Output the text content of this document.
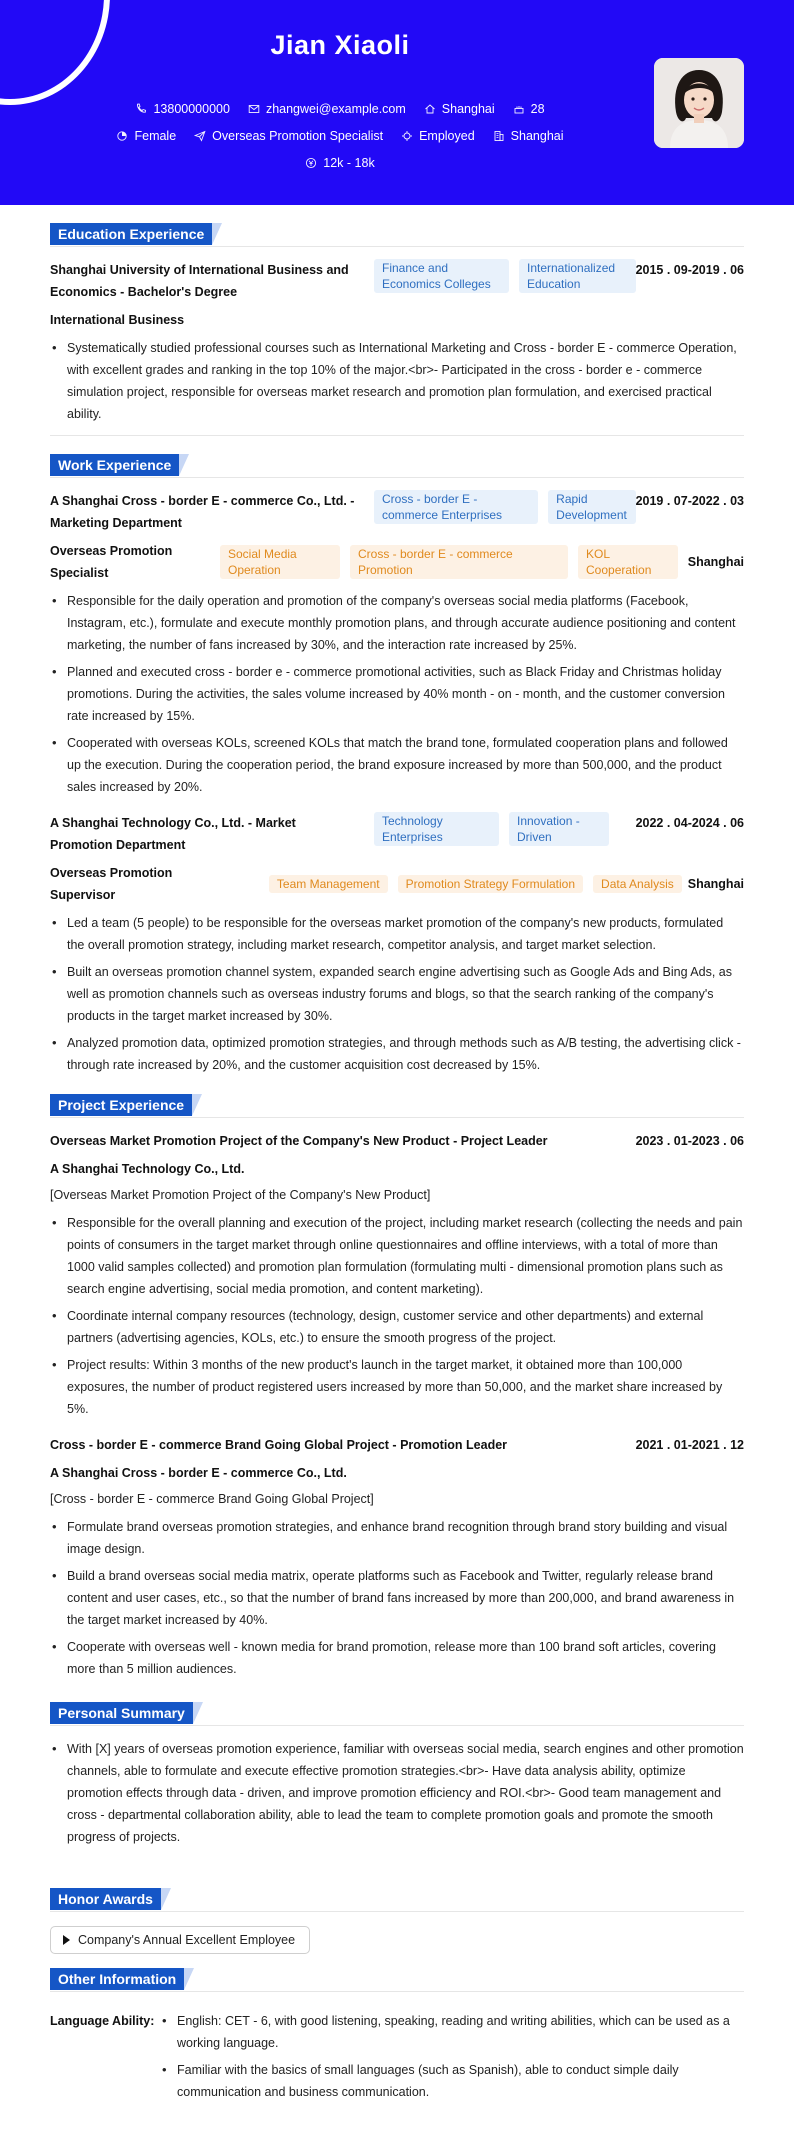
Jian Xiaoli
13800000000	zhangwei@example.com	Shanghai	28
Female	Overseas Promotion Specialist	Employed	Shanghai
12k - 18k
Education Experience
Shanghai University of International Business and Economics - Bachelor's Degree
Finance and Economics Colleges
Internationalized Education
2015 . 09-2019 . 06
International Business
• Systematically studied professional courses such as International Marketing and Cross - border E - commerce Operation, with excellent grades and ranking in the top 10% of the major.<br>- Participated in the cross - border e - commerce simulation project, responsible for overseas market research and promotion plan formulation, and exercised practical ability.
Work Experience
A Shanghai Cross - border E - commerce Co., Ltd. - Marketing Department
Cross - border E - commerce Enterprises
Rapid Development
2019 . 07-2022 . 03
Overseas Promotion Specialist
Social Media Operation
Cross - border E - commerce Promotion
KOL Cooperation
Shanghai
• Responsible for the daily operation and promotion of the company's overseas social media platforms (Facebook, Instagram, etc.), formulate and execute monthly promotion plans, and through accurate audience positioning and content marketing, the number of fans increased by 30%, and the interaction rate increased by 25%.
• Planned and executed cross - border e - commerce promotional activities, such as Black Friday and Christmas holiday promotions. During the activities, the sales volume increased by 40% month - on - month, and the customer conversion rate increased by 15%.
• Cooperated with overseas KOLs, screened KOLs that match the brand tone, formulated cooperation plans and followed up the execution. During the cooperation period, the brand exposure increased by more than 500,000, and the product sales increased by 20%.
A Shanghai Technology Co., Ltd. - Market Promotion Department
Technology Enterprises
Innovation - Driven
2022 . 04-2024 . 06
Overseas Promotion Supervisor
Team Management	Promotion Strategy Formulation	Data Analysis	Shanghai
• Led a team (5 people) to be responsible for the overseas market promotion of the company's new products, formulated the overall promotion strategy, including market research, competitor analysis, and target market selection.
• Built an overseas promotion channel system, expanded search engine advertising such as Google Ads and Bing Ads, as well as promotion channels such as overseas industry forums and blogs, so that the search ranking of the company's products in the target market increased by 30%.
• Analyzed promotion data, optimized promotion strategies, and through methods such as A/B testing, the advertising click - through rate increased by 20%, and the customer acquisition cost decreased by 15%.
Project Experience
Overseas Market Promotion Project of the Company's New Product - Project Leader	2023 . 01-2023 . 06
A Shanghai Technology Co., Ltd.
[Overseas Market Promotion Project of the Company's New Product]
• Responsible for the overall planning and execution of the project, including market research (collecting the needs and pain points of consumers in the target market through online questionnaires and offline interviews, with a total of more than 1000 valid samples collected) and promotion plan formulation (formulating multi - dimensional promotion plans such as search engine advertising, social media promotion, and content marketing).
• Coordinate internal company resources (technology, design, customer service and other departments) and external partners (advertising agencies, KOLs, etc.) to ensure the smooth progress of the project.
• Project results: Within 3 months of the new product's launch in the target market, it obtained more than 100,000 exposures, the number of product registered users increased by more than 50,000, and the market share increased by 5%.
Cross - border E - commerce Brand Going Global Project - Promotion Leader	2021 . 01-2021 . 12
A Shanghai Cross - border E - commerce Co., Ltd.
[Cross - border E - commerce Brand Going Global Project]
• Formulate brand overseas promotion strategies, and enhance brand recognition through brand story building and visual image design.
• Build a brand overseas social media matrix, operate platforms such as Facebook and Twitter, regularly release brand content and user cases, etc., so that the number of brand fans increased by more than 200,000, and brand awareness in the target market increased by 40%.
• Cooperate with overseas well - known media for brand promotion, release more than 100 brand soft articles, covering more than 5 million audiences.
Personal Summary
• With [X] years of overseas promotion experience, familiar with overseas social media, search engines and other promotion channels, able to formulate and execute effective promotion strategies.<br>- Have data analysis ability, optimize promotion effects through data - driven, and improve promotion efficiency and ROI.<br>- Good team management and cross - departmental collaboration ability, able to lead the team to complete promotion goals and promote the smooth progress of projects.
Honor Awards
Company's Annual Excellent Employee
Other Information
Language Ability:
•	English: CET - 6, with good listening, speaking, reading and writing abilities, which can be used as a working language.
• Familiar with the basics of small languages (such as Spanish), able to conduct simple daily communication and business communication.
